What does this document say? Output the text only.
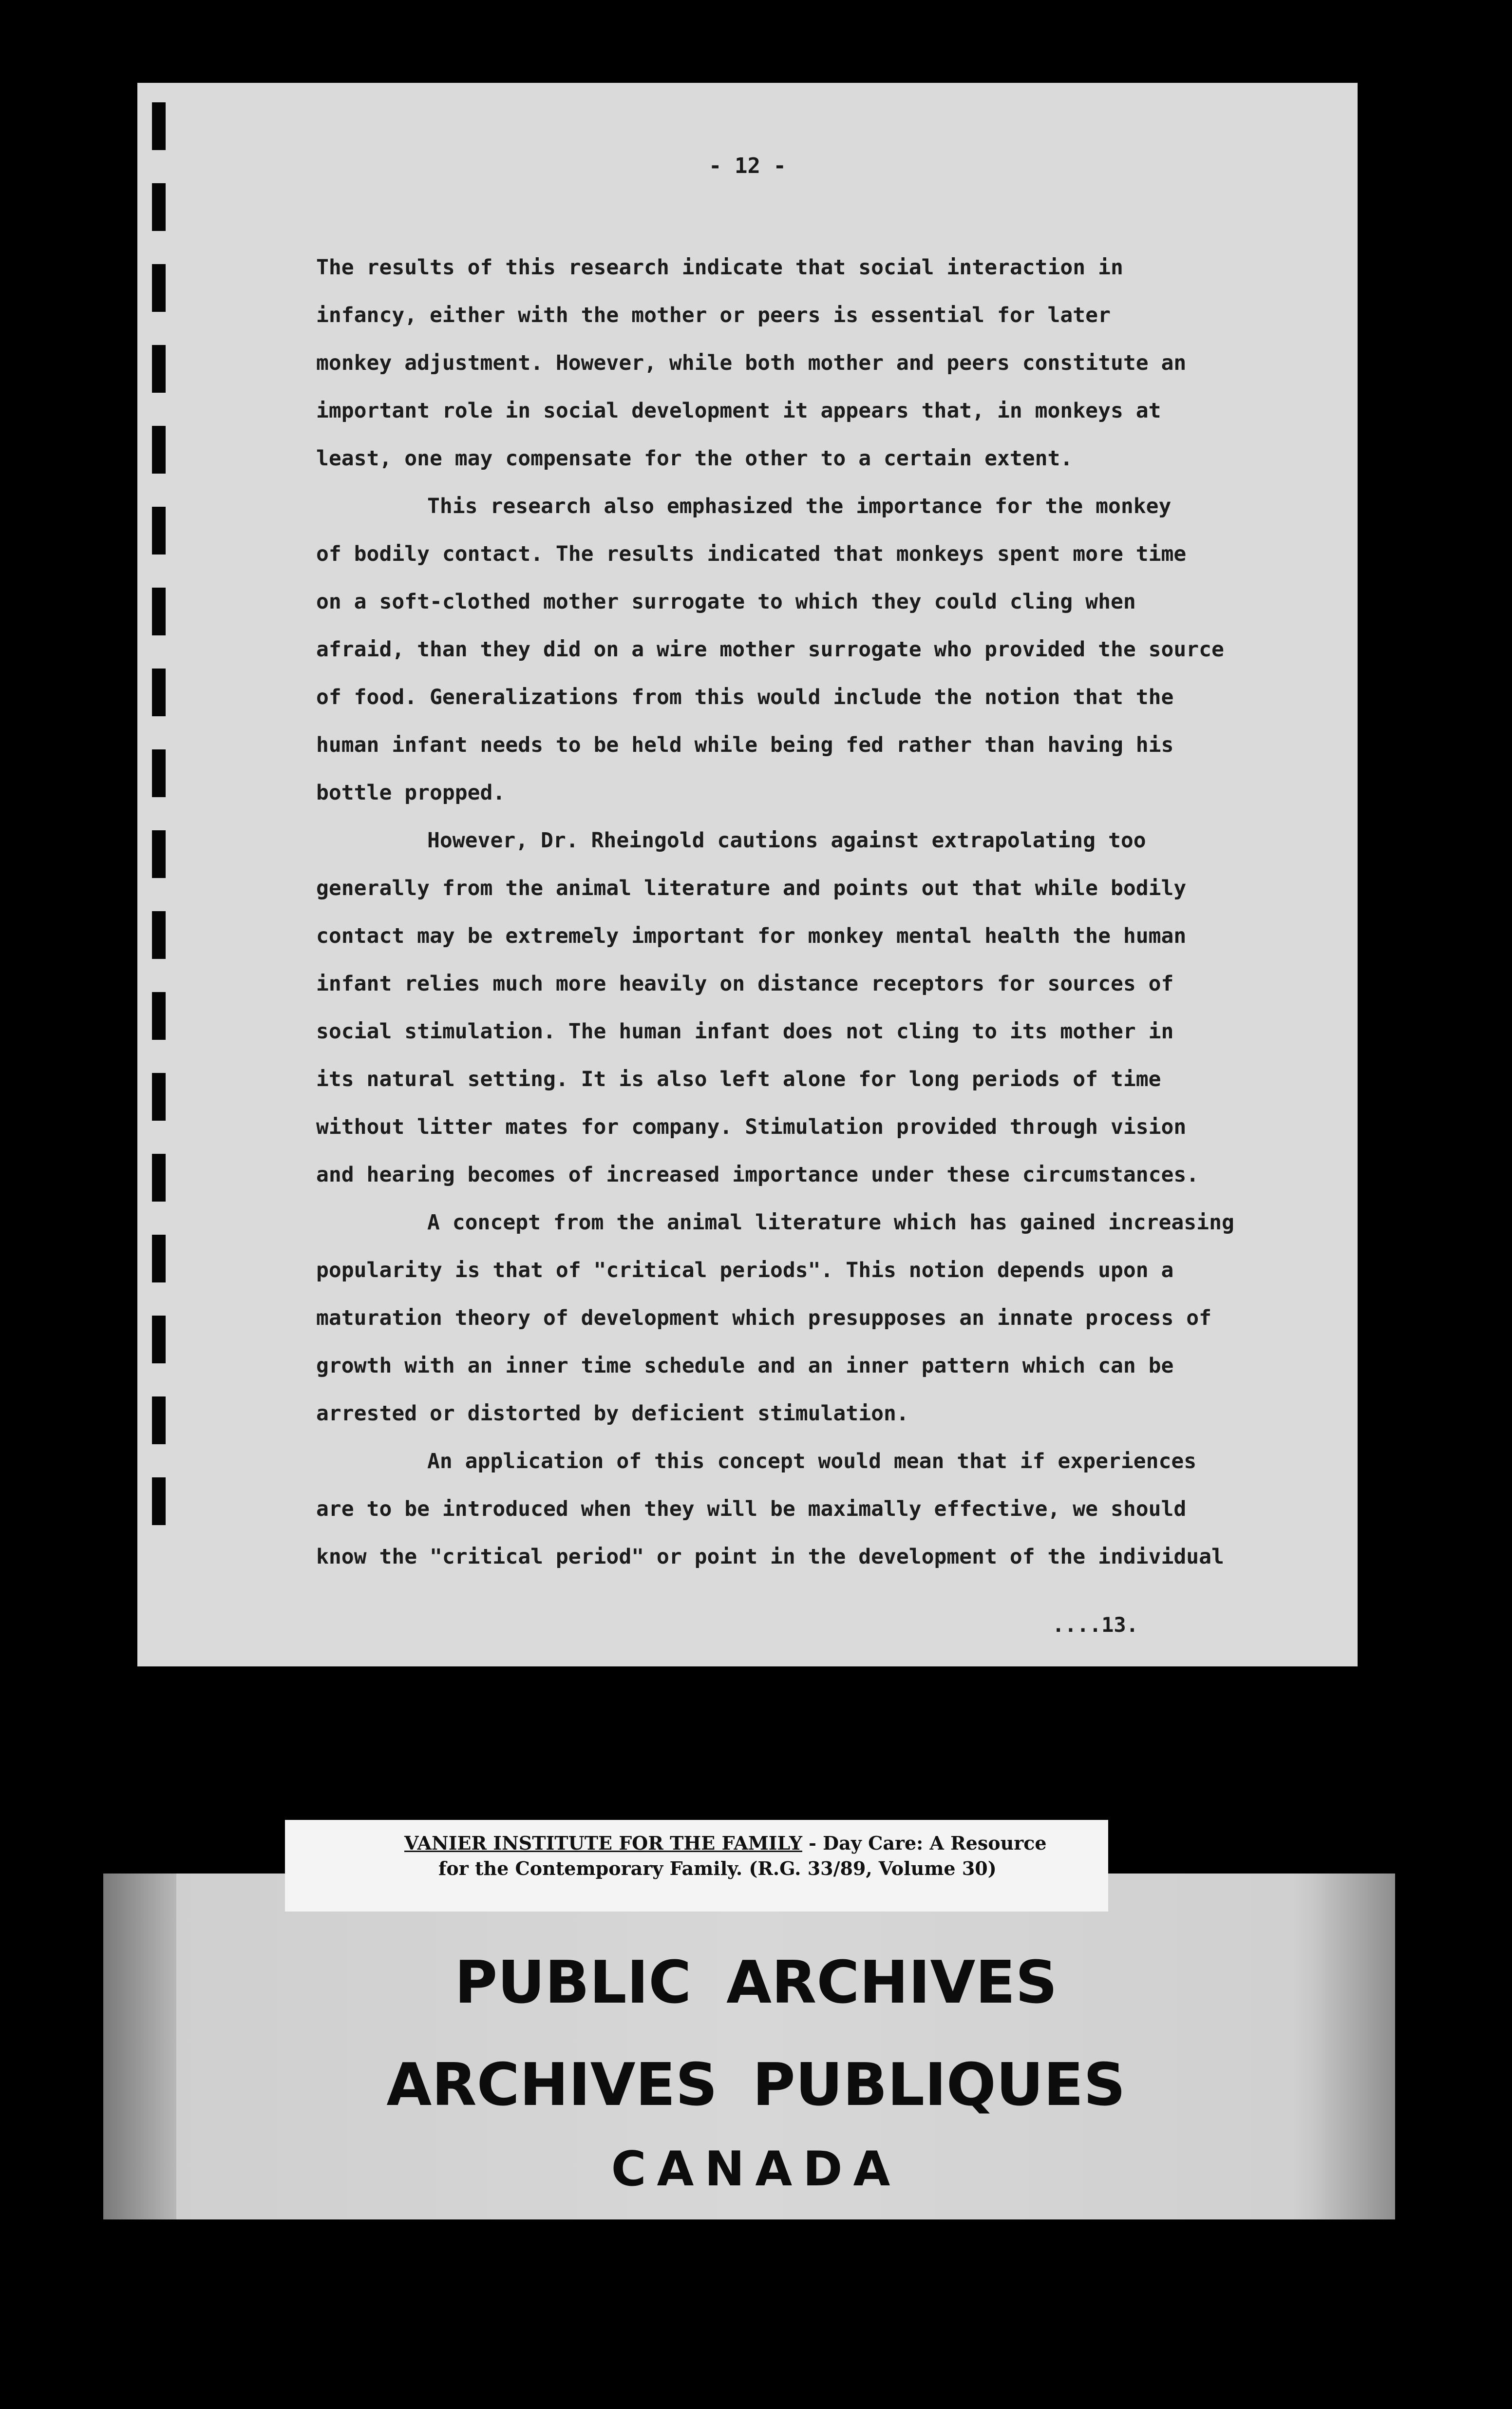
- 12 -

The results of this research indicate that social interaction in
infancy, either with the mother or peers is essential for later
monkey adjustment. However, while both mother and peers constitute an
important role in social development it appears that, in monkeys at
least, one may compensate for the other to a certain extent.

This research also emphasized the importance for the monkey
of bodily contact. The results indicated that monkeys spent more time
on a soft-clothed mother surrogate to which they could cling when
afraid, than they did on a wire mother surrogate who provided the source
of food. Generalizations from this would include the notion that the
human infant needs to be held while being fed rather than having his
bottle propped.

However, Dr. Rheingold cautions against extrapolating too
generally from the animal literature and points out that while bodily
contact may be extremely important for monkey mental health the human
infant relies much more heavily on distance receptors for sources of
social stimulation. The human infant does not cling to its mother in
its natural setting. It is also left alone for long periods of time
without litter mates for company. Stimulation provided through vision
and hearing becomes of increased importance under these circumstances.

A concept from the animal literature which has gained increasing
popularity is that of "critical periods". This notion depends upon a
maturation theory of development which presupposes an innate process of
growth with an inner time schedule and an inner pattern which can be
arrested or distorted by deficient stimulation.

An application of this concept would mean that if experiences
are to be introduced when they will be maximally effective, we should
know the "critical period" or point in the development of the individual

....13.

VANIER INSTITUTE FOR THE FAMILY - Day Care: A Resource

for the Contemporary Family. (R.G. 33/89, Volume 30)

PUBLIC ARCHIVES

ARCHIVES PUBLIQUES

CANADA
